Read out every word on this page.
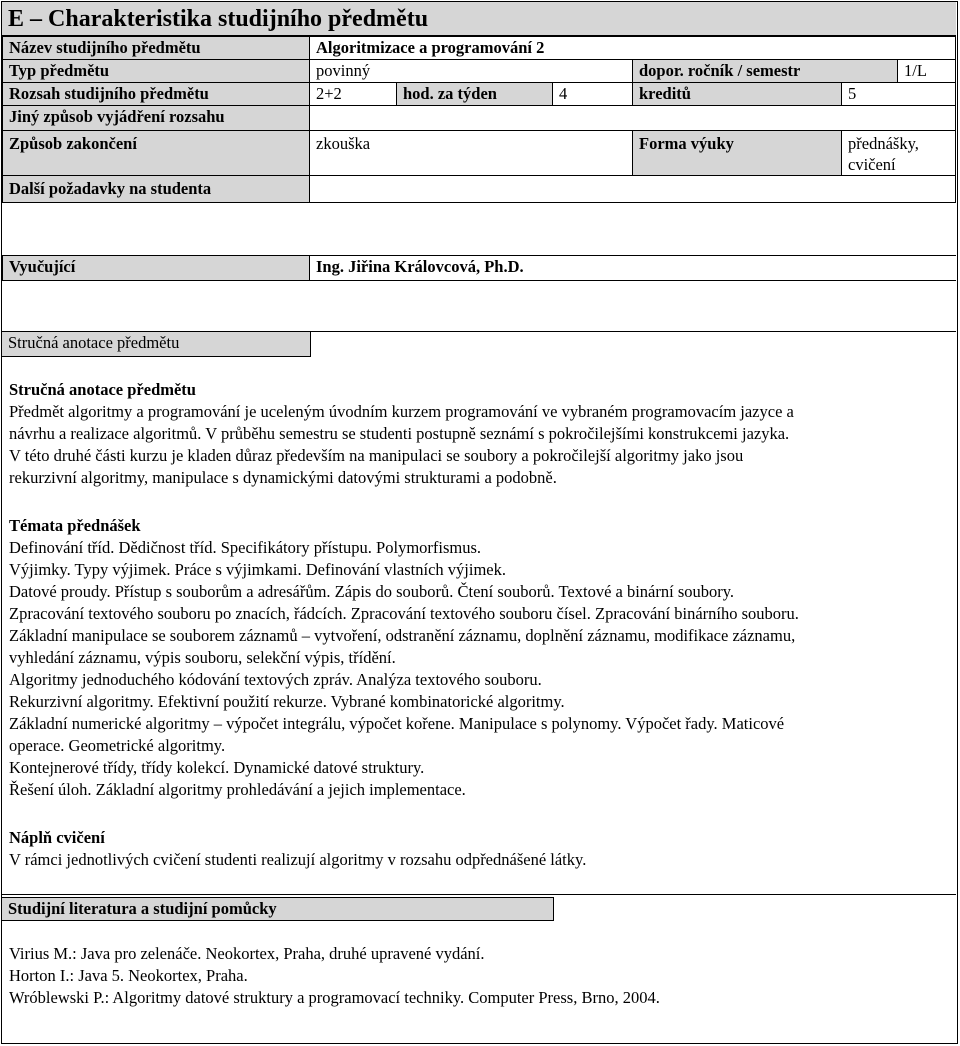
E – Charakteristika studijního předmětu
Název studijního předmětu	Algoritmizace a programování 2
Typ předmětu	povinný	dopor. ročník / semestr	1/L
Rozsah studijního předmětu	2+2	hod. za týden	4	kreditů	5
Jiný způsob vyjádření rozsahu
Způsob zakončení	zkouška	Forma výuky	přednášky,
cvičení
Další požadavky na studenta
Vyučující	Ing. Jiřina Královcová, Ph.D.
Stručná anotace předmětu
Stručná anotace předmětu
Předmět algoritmy a programování je uceleným úvodním kurzem programování ve vybraném programovacím jazyce a
návrhu a realizace algoritmů. V průběhu semestru se studenti postupně seznámí s pokročilejšími konstrukcemi jazyka.
V této druhé části kurzu je kladen důraz především na manipulaci se soubory a pokročilejší algoritmy jako jsou
rekurzivní algoritmy, manipulace s dynamickými datovými strukturami a podobně.
Témata přednášek
Definování tříd. Dědičnost tříd. Specifikátory přístupu. Polymorfismus.
Výjimky. Typy výjimek. Práce s výjimkami. Definování vlastních výjimek.
Datové proudy. Přístup s souborům a adresářům. Zápis do souborů. Čtení souborů. Textové a binární soubory.
Zpracování textového souboru po znacích, řádcích. Zpracování textového souboru čísel. Zpracování binárního souboru.
Základní manipulace se souborem záznamů – vytvoření, odstranění záznamu, doplnění záznamu, modifikace záznamu,
vyhledání záznamu, výpis souboru, selekční výpis, třídění.
Algoritmy jednoduchého kódování textových zpráv. Analýza textového souboru.
Rekurzivní algoritmy. Efektivní použití rekurze. Vybrané kombinatorické algoritmy.
Základní numerické algoritmy – výpočet integrálu, výpočet kořene. Manipulace s polynomy. Výpočet řady. Maticové
operace. Geometrické algoritmy.
Kontejnerové třídy, třídy kolekcí. Dynamické datové struktury.
Řešení úloh. Základní algoritmy prohledávání a jejich implementace.
Náplň cvičení
V rámci jednotlivých cvičení studenti realizují algoritmy v rozsahu odpřednášené látky.
Studijní literatura a studijní pomůcky
Virius M.: Java pro zelenáče. Neokortex, Praha, druhé upravené vydání.
Horton I.: Java 5. Neokortex, Praha.
Wróblewski P.: Algoritmy datové struktury a programovací techniky. Computer Press, Brno, 2004.
